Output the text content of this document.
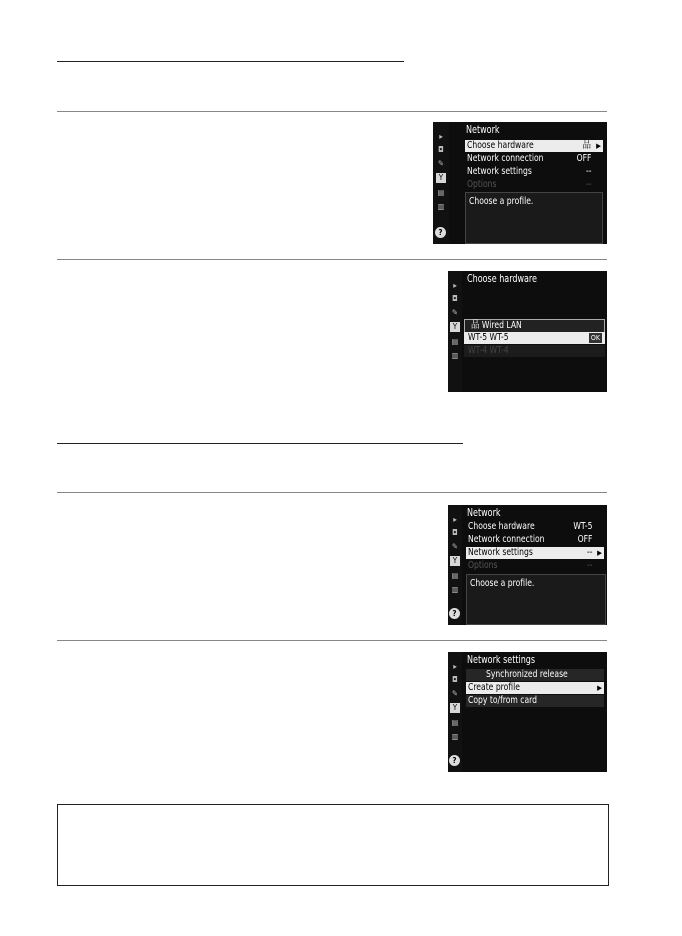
▸
◘
✎
Y
▤
▥
?
Network
Choose hardware	品 ▶
Network connection	OFF
Network settings	--
Options	--
Choose a profile.
▸
◘
✎
Y
▤
▥
Choose hardware
品 Wired LAN
WT-5 WT-5	OK
WT-4 WT-4
▸
◘
✎
Y
▤
▥
?
Network
Choose hardware	WT-5
Network connection	OFF
Network settings	-- ▶
Options	--
Choose a profile.
▸
◘
✎
Y
▤
▥
?
Network settings
Synchronized release
Create profile	▶
Copy to/from card
